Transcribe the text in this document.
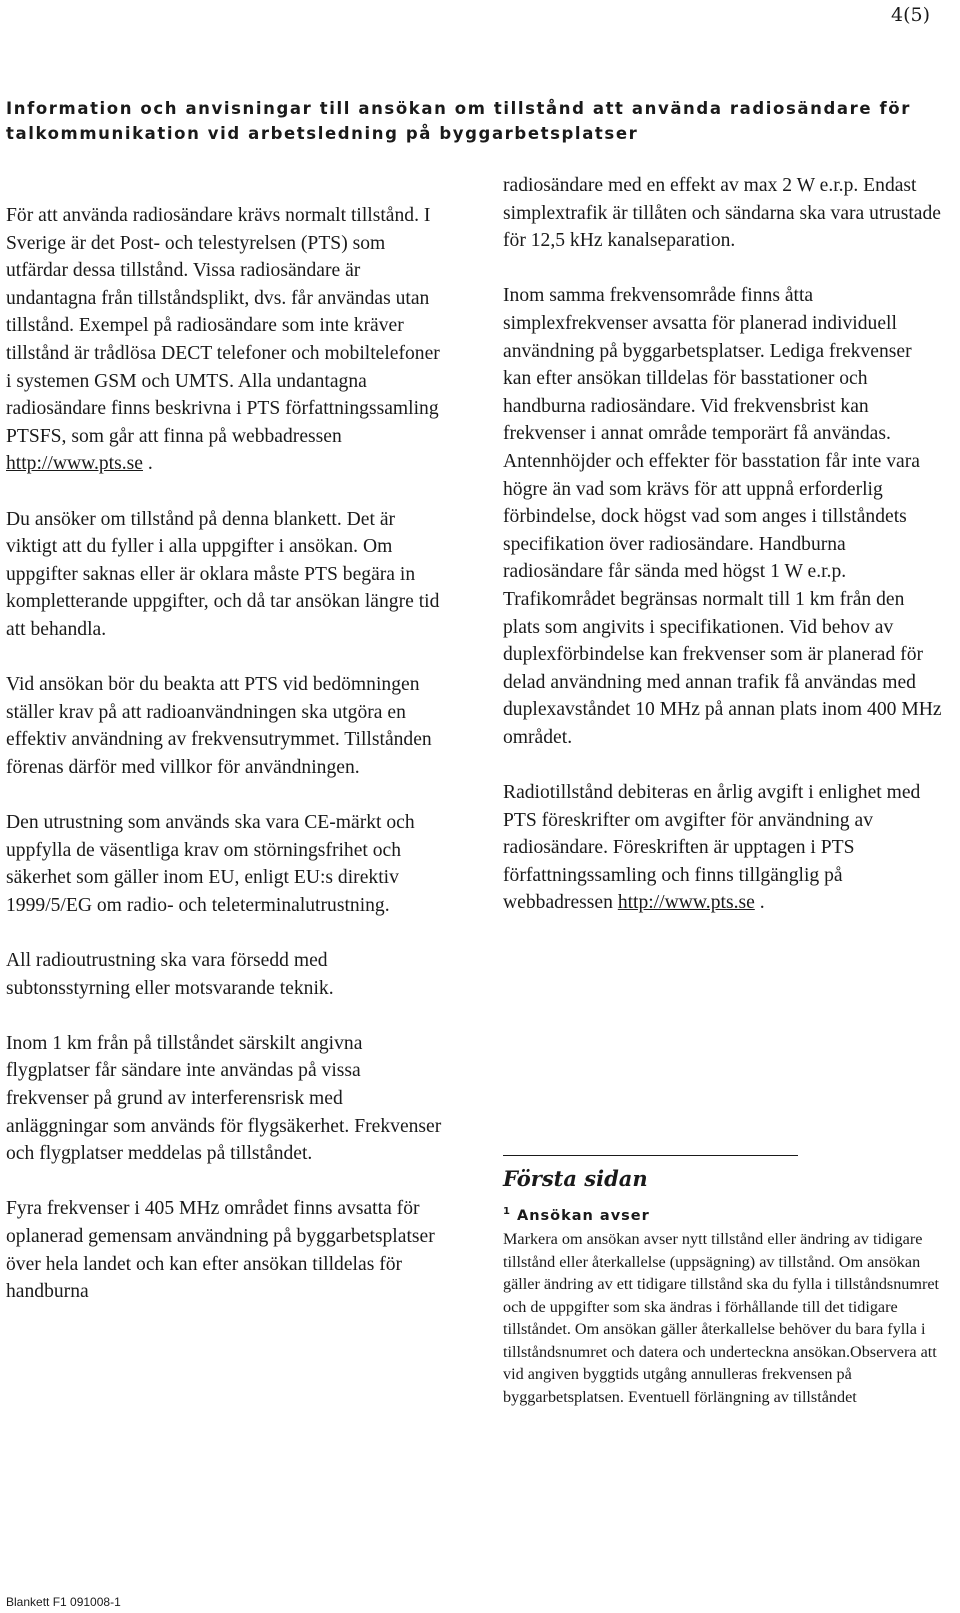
4(5)
Information och anvisningar till ansökan om tillstånd att använda radiosändare för talkommunikation vid arbetsledning på byggarbetsplatser

För att använda radiosändare krävs normalt tillstånd. I Sverige är det Post- och telestyrelsen (PTS) som utfärdar dessa tillstånd. Vissa radiosändare är undantagna från tillståndsplikt, dvs. får användas utan tillstånd. Exempel på radiosändare som inte kräver tillstånd är trådlösa DECT telefoner och mobiltelefoner i systemen GSM och UMTS. Alla undantagna radiosändare finns beskrivna i PTS författningssamling PTSFS, som går att finna på webbadressen http://www.pts.se .

Du ansöker om tillstånd på denna blankett. Det är viktigt att du fyller i alla uppgifter i ansökan. Om uppgifter saknas eller är oklara måste PTS begära in kompletterande uppgifter, och då tar ansökan längre tid att behandla.

Vid ansökan bör du beakta att PTS vid bedömningen ställer krav på att radioanvändningen ska utgöra en effektiv användning av frekvensutrymmet. Tillstånden förenas därför med villkor för användningen.

Den utrustning som används ska vara CE-märkt och uppfylla de väsentliga krav om störningsfrihet och säkerhet som gäller inom EU, enligt EU:s direktiv 1999/5/EG om radio- och teleterminalutrustning.

All radioutrustning ska vara försedd med subtonsstyrning eller motsvarande teknik.

Inom 1 km från på tillståndet särskilt angivna flygplatser får sändare inte användas på vissa frekvenser på grund av interferensrisk med anläggningar som används för flygsäkerhet. Frekvenser och flygplatser meddelas på tillståndet.

Fyra frekvenser i 405 MHz området finns avsatta för oplanerad gemensam användning på byggarbetsplatser över hela landet och kan efter ansökan tilldelas för handburna

radiosändare med en effekt av max 2 W e.r.p. Endast simplextrafik är tillåten och sändarna ska vara utrustade för 12,5 kHz kanalseparation.

Inom samma frekvensområde finns åtta simplexfrekvenser avsatta för planerad individuell användning på byggarbetsplatser. Lediga frekvenser kan efter ansökan tilldelas för basstationer och handburna radiosändare. Vid frekvensbrist kan frekvenser i annat område temporärt få användas. Antennhöjder och effekter för basstation får inte vara högre än vad som krävs för att uppnå erforderlig förbindelse, dock högst vad som anges i tillståndets specifikation över radiosändare. Handburna radiosändare får sända med högst 1 W e.r.p. Trafikområdet begränsas normalt till 1 km från den plats som angivits i specifikationen. Vid behov av duplexförbindelse kan frekvenser som är planerad för delad användning med annan trafik få användas med duplexavståndet 10 MHz på annan plats inom 400 MHz området.

Radiotillstånd debiteras en årlig avgift i enlighet med PTS föreskrifter om avgifter för användning av radiosändare. Föreskriften är upptagen i PTS författningssamling och finns tillgänglig på webbadressen http://www.pts.se .

Första sidan
$^1$ Ansökan avser

Markera om ansökan avser nytt tillstånd eller ändring av tidigare tillstånd eller återkallelse (uppsägning) av tillstånd. Om ansökan gäller ändring av ett tidigare tillstånd ska du fylla i tillståndsnumret och de uppgifter som ska ändras i förhållande till det tidigare tillståndet. Om ansökan gäller återkallelse behöver du bara fylla i tillståndsnumret och datera och underteckna ansökan.Observera att vid angiven byggtids utgång annulleras frekvensen på byggarbetsplatsen. Eventuell förlängning av tillståndet

Blankett F1 091008-1
